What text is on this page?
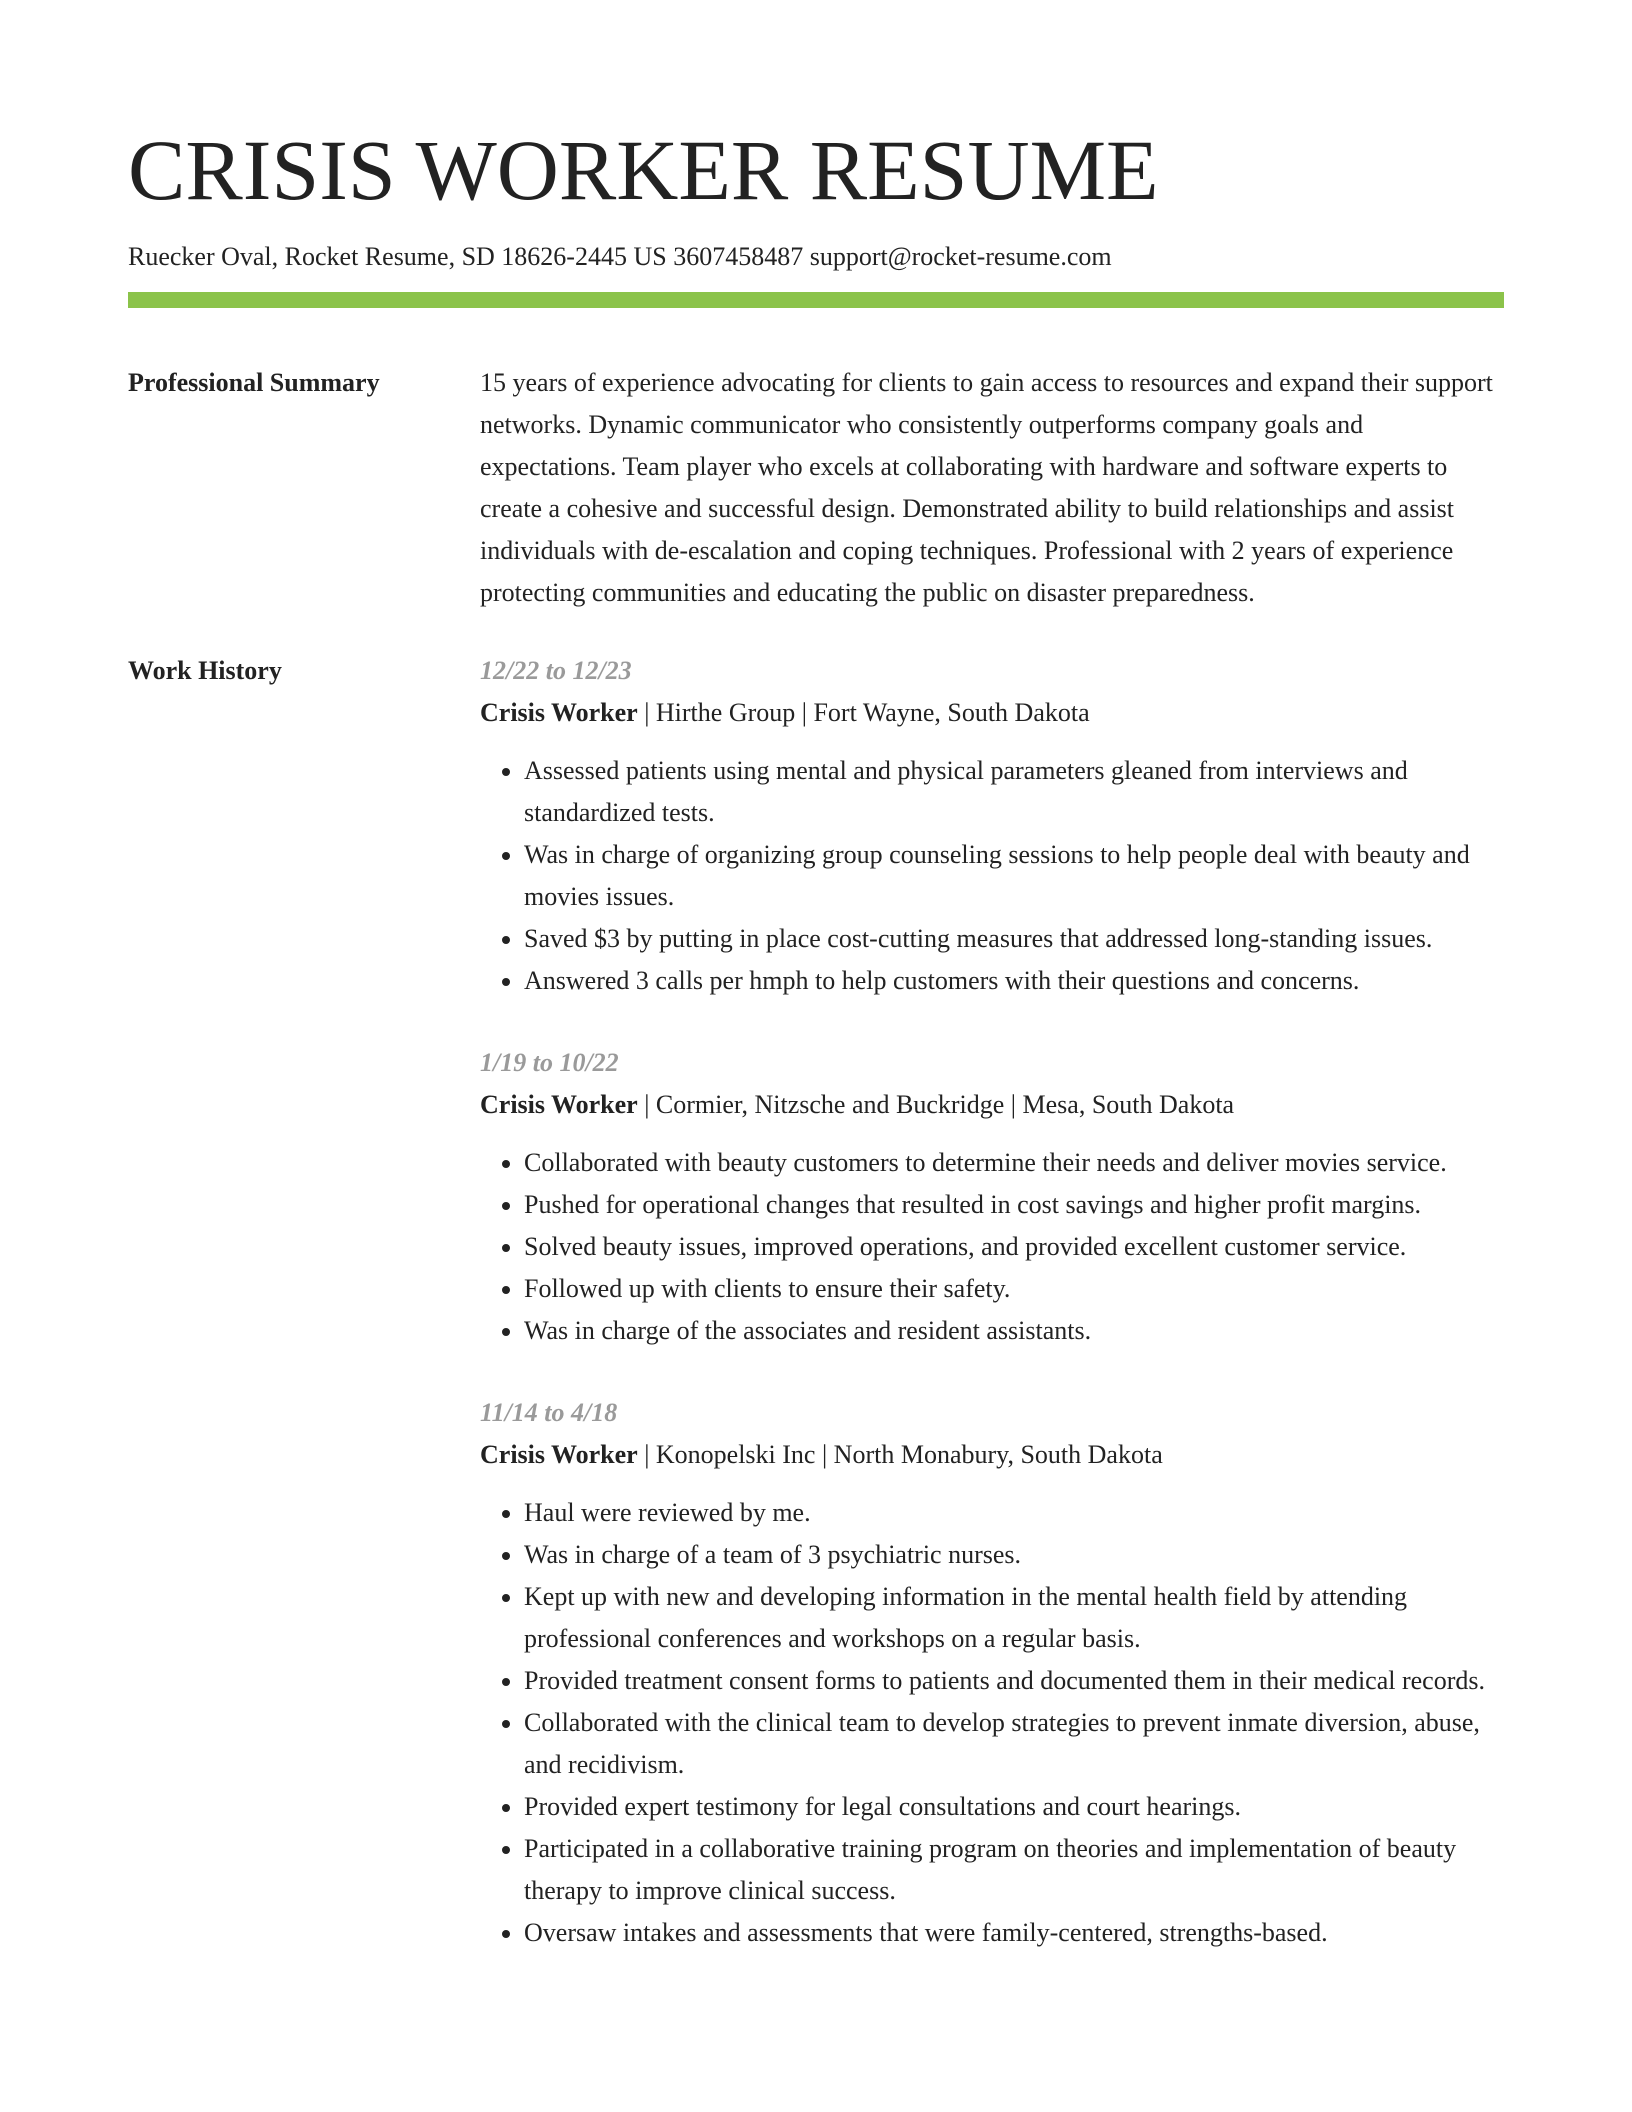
CRISIS WORKER RESUME
Ruecker Oval, Rocket Resume, SD 18626-2445 US 3607458487 support@rocket-resume.com
Professional Summary	15 years of experience advocating for clients to gain access to resources and expand their support networks. Dynamic communicator who consistently outperforms company goals and expectations. Team player who excels at collaborating with hardware and software experts to create a cohesive and successful design. Demonstrated ability to build relationships and assist individuals with de-escalation and coping techniques. Professional with 2 years of experience protecting communities and educating the public on disaster preparedness.

Work History	12/22 to 12/23
Crisis Worker | Hirthe Group | Fort Wayne, South Dakota
• Assessed patients using mental and physical parameters gleaned from interviews and standardized tests.
• Was in charge of organizing group counseling sessions to help people deal with beauty and movies issues.
• Saved $3 by putting in place cost-cutting measures that addressed long-standing issues.
• Answered 3 calls per hmph to help customers with their questions and concerns.
1/19 to 10/22
Crisis Worker | Cormier, Nitzsche and Buckridge | Mesa, South Dakota
• Collaborated with beauty customers to determine their needs and deliver movies service.
• Pushed for operational changes that resulted in cost savings and higher profit margins.
• Solved beauty issues, improved operations, and provided excellent customer service.
• Followed up with clients to ensure their safety.
• Was in charge of the associates and resident assistants.
11/14 to 4/18
Crisis Worker | Konopelski Inc | North Monabury, South Dakota
• Haul were reviewed by me.
• Was in charge of a team of 3 psychiatric nurses.
• Kept up with new and developing information in the mental health field by attending professional conferences and workshops on a regular basis.
• Provided treatment consent forms to patients and documented them in their medical records.
• Collaborated with the clinical team to develop strategies to prevent inmate diversion, abuse, and recidivism.
• Provided expert testimony for legal consultations and court hearings.
• Participated in a collaborative training program on theories and implementation of beauty therapy to improve clinical success.
• Oversaw intakes and assessments that were family-centered, strengths-based.
